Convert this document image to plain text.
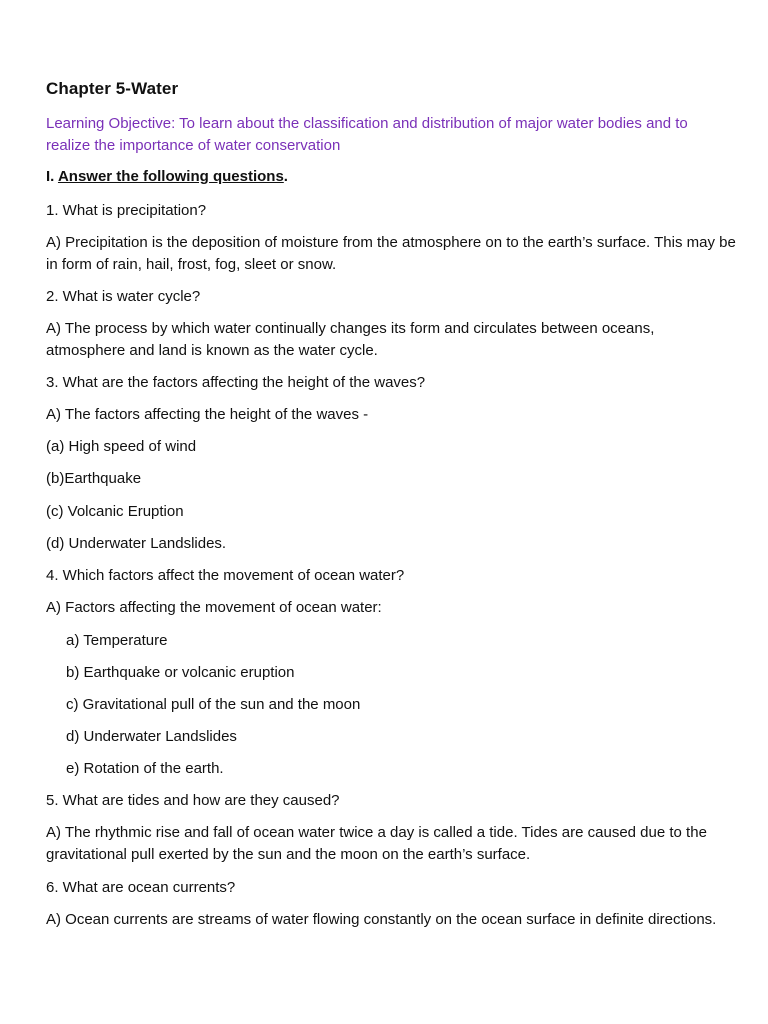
Chapter 5-Water
Learning Objective: To learn about the classification and distribution of major water bodies and to realize the importance of water conservation
I. Answer the following questions.
1. What is precipitation?
A) Precipitation is the deposition of moisture from the atmosphere on to the earth’s surface. This may be in form of rain, hail, frost, fog, sleet or snow.
2. What is water cycle?
A) The process by which water continually changes its form and circulates between oceans, atmosphere and land is known as the water cycle.
3. What are the factors affecting the height of the waves?
A) The factors affecting the height of the waves -
(a) High speed of wind
(b)Earthquake
(c) Volcanic Eruption
(d) Underwater Landslides.
4. Which factors affect the movement of ocean water?
A) Factors affecting the movement of ocean water:
a) Temperature
b) Earthquake or volcanic eruption
c) Gravitational pull of the sun and the moon
d) Underwater Landslides
e) Rotation of the earth.
5. What are tides and how are they caused?
A) The rhythmic rise and fall of ocean water twice a day is called a tide. Tides are caused due to the gravitational pull exerted by the sun and the moon on the earth’s surface.
6. What are ocean currents?
A) Ocean currents are streams of water flowing constantly on the ocean surface in definite directions.
